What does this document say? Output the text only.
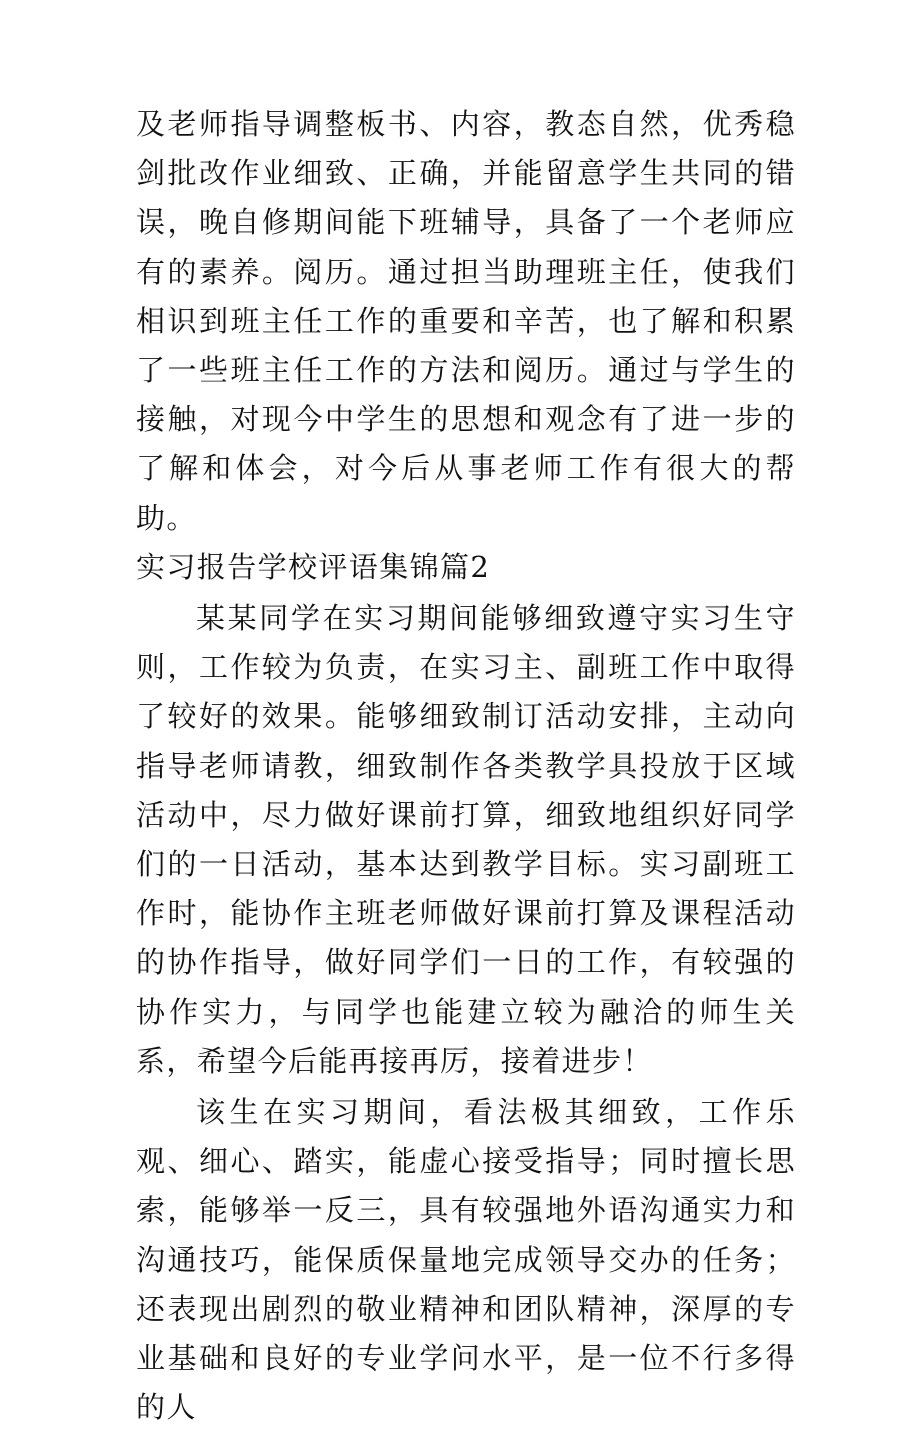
及老师指导调整板书、内容，教态自然，优秀稳剑批改作业细致、正确，并能留意学生共同的错误，晚自修期间能下班辅导，具备了一个老师应有的素养。阅历。通过担当助理班主任，使我们相识到班主任工作的重要和辛苦，也了解和积累了一些班主任工作的方法和阅历。通过与学生的接触，对现今中学生的思想和观念有了进一步的了解和体会，对今后从事老师工作有很大的帮助。

实习报告学校评语集锦篇2

某某同学在实习期间能够细致遵守实习生守则，工作较为负责，在实习主、副班工作中取得了较好的效果。能够细致制订活动安排，主动向指导老师请教，细致制作各类教学具投放于区域活动中，尽力做好课前打算，细致地组织好同学们的一日活动，基本达到教学目标。实习副班工作时，能协作主班老师做好课前打算及课程活动的协作指导，做好同学们一日的工作，有较强的协作实力，与同学也能建立较为融洽的师生关系，希望今后能再接再厉，接着进步！

该生在实习期间，看法极其细致，工作乐观、细心、踏实，能虚心接受指导；同时擅长思索，能够举一反三，具有较强地外语沟通实力和沟通技巧，能保质保量地完成领导交办的任务；还表现出剧烈的敬业精神和团队精神，深厚的专业基础和良好的专业学问水平，是一位不行多得的人
